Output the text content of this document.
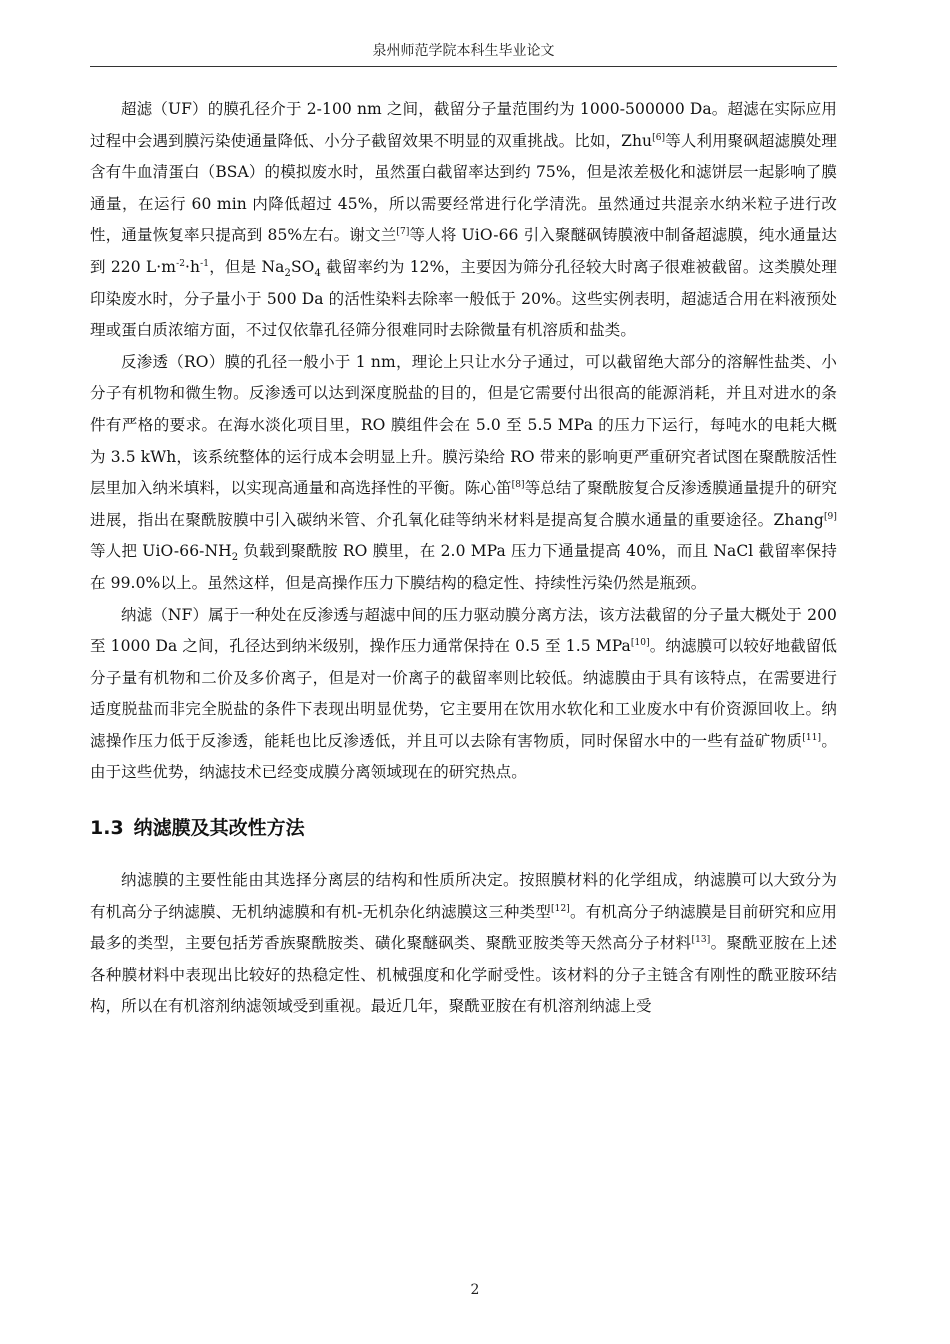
泉州师范学院本科生毕业论文

超滤（UF）的膜孔径介于 2-100 nm 之间，截留分子量范围约为 1000-500000 Da。超滤在实际应用过程中会遇到膜污染使通量降低、小分子截留效果不明显的双重挑战。比如，Zhu[6]等人利用聚砜超滤膜处理含有牛血清蛋白（BSA）的模拟废水时，虽然蛋白截留率达到约 75%，但是浓差极化和滤饼层一起影响了膜通量，在运行 60 min 内降低超过 45%，所以需要经常进行化学清洗。虽然通过共混亲水纳米粒子进行改性，通量恢复率只提高到 85%左右。谢文兰[7]等人将 UiO-66 引入聚醚砜铸膜液中制备超滤膜，纯水通量达到 220 $L\cdot m^{-2}\cdot h^{-1}$，但是 $Na_2SO_4$ 截留率约为 12%，主要因为筛分孔径较大时离子很难被截留。这类膜处理印染废水时，分子量小于 500 Da 的活性染料去除率一般低于 20%。这些实例表明，超滤适合用在料液预处理或蛋白质浓缩方面，不过仅依靠孔径筛分很难同时去除微量有机溶质和盐类。

反渗透（RO）膜的孔径一般小于 1 nm，理论上只让水分子通过，可以截留绝大部分的溶解性盐类、小分子有机物和微生物。反渗透可以达到深度脱盐的目的，但是它需要付出很高的能源消耗，并且对进水的条件有严格的要求。在海水淡化项目里，RO 膜组件会在 5.0 至 5.5 MPa 的压力下运行，每吨水的电耗大概为 3.5 kWh，该系统整体的运行成本会明显上升。膜污染给 RO 带来的影响更严重研究者试图在聚酰胺活性层里加入纳米填料，以实现高通量和高选择性的平衡。陈心笛[8]等总结了聚酰胺复合反渗透膜通量提升的研究进展，指出在聚酰胺膜中引入碳纳米管、介孔氧化硅等纳米材料是提高复合膜水通量的重要途径。Zhang[9]等人把 UiO-$66-NH_2$ 负载到聚酰胺 RO 膜里，在 2.0 MPa 压力下通量提高 40%，而且 NaCl 截留率保持在 99.0%以上。虽然这样，但是高操作压力下膜结构的稳定性、持续性污染仍然是瓶颈。

纳滤（NF）属于一种处在反渗透与超滤中间的压力驱动膜分离方法，该方法截留的分子量大概处于 200 至 1000 Da 之间，孔径达到纳米级别，操作压力通常保持在 0.5 至 1.5 MPa[10]。纳滤膜可以较好地截留低分子量有机物和二价及多价离子，但是对一价离子的截留率则比较低。纳滤膜由于具有该特点，在需要进行适度脱盐而非完全脱盐的条件下表现出明显优势，它主要用在饮用水软化和工业废水中有价资源回收上。纳滤操作压力低于反渗透，能耗也比反渗透低，并且可以去除有害物质，同时保留水中的一些有益矿物质[11]。由于这些优势，纳滤技术已经变成膜分离领域现在的研究热点。

1.3 纳滤膜及其改性方法

纳滤膜的主要性能由其选择分离层的结构和性质所决定。按照膜材料的化学组成，纳滤膜可以大致分为有机高分子纳滤膜、无机纳滤膜和有机-无机杂化纳滤膜这三种类型[12]。有机高分子纳滤膜是目前研究和应用最多的类型，主要包括芳香族聚酰胺类、磺化聚醚砜类、聚酰亚胺类等天然高分子材料[13]。聚酰亚胺在上述各种膜材料中表现出比较好的热稳定性、机械强度和化学耐受性。该材料的分子主链含有刚性的酰亚胺环结构，所以在有机溶剂纳滤领域受到重视。最近几年，聚酰亚胺在有机溶剂纳滤上受

2
